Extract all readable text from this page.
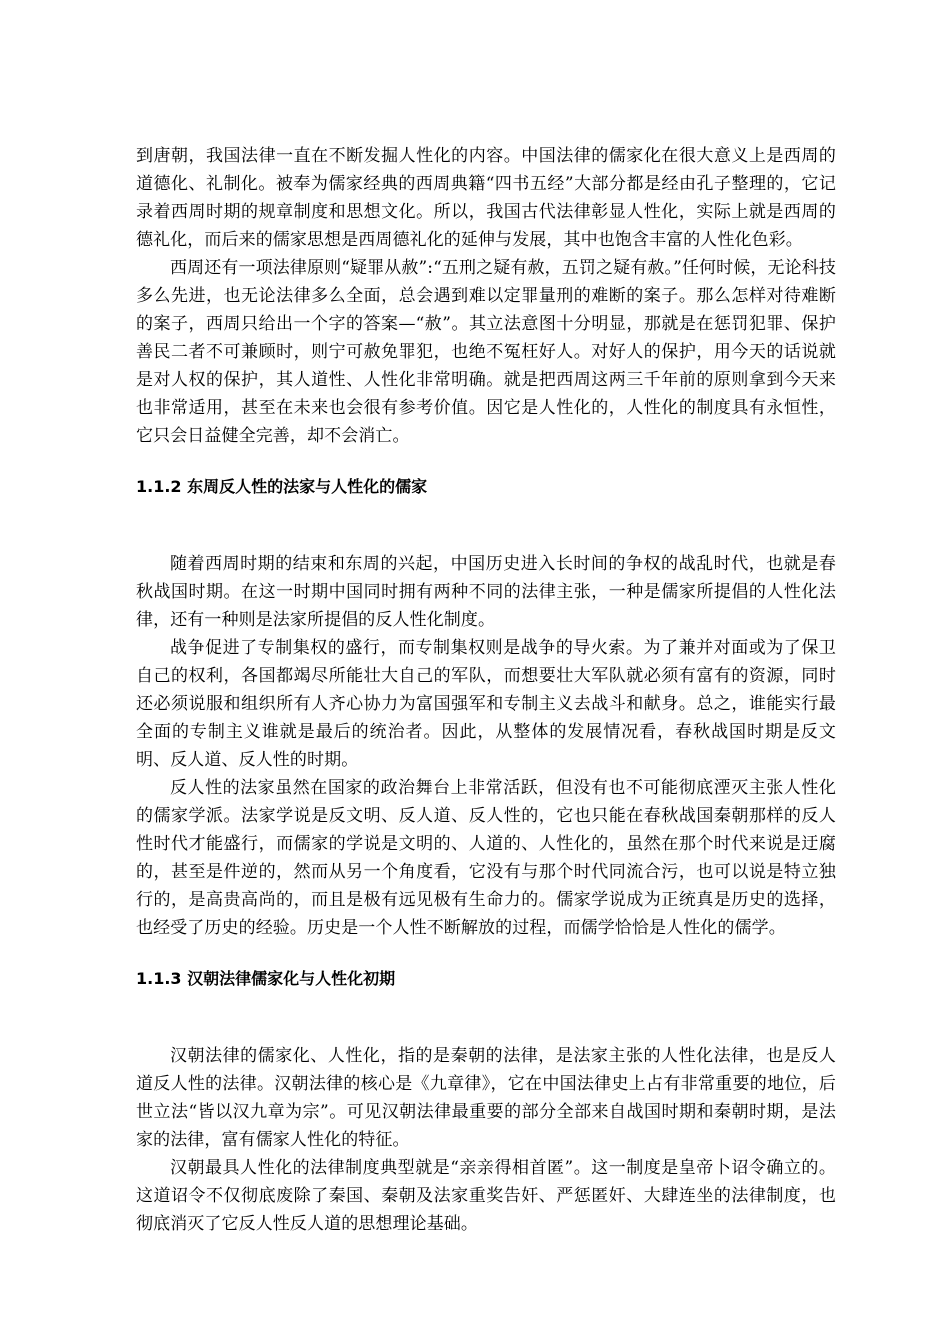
到唐朝，我国法律一直在不断发掘人性化的内容。中国法律的儒家化在很大意义上是西周的道德化、礼制化。被奉为儒家经典的西周典籍“四书五经”大部分都是经由孔子整理的，它记录着西周时期的规章制度和思想文化。所以，我国古代法律彰显人性化，实际上就是西周的德礼化，而后来的儒家思想是西周德礼化的延伸与发展，其中也饱含丰富的人性化色彩。

西周还有一项法律原则“疑罪从赦”:“五刑之疑有赦，五罚之疑有赦。”任何时候，无论科技多么先进，也无论法律多么全面，总会遇到难以定罪量刑的难断的案子。那么怎样对待难断的案子，西周只给出一个字的答案—“赦”。其立法意图十分明显，那就是在惩罚犯罪、保护善民二者不可兼顾时，则宁可赦免罪犯，也绝不冤枉好人。对好人的保护，用今天的话说就是对人权的保护，其人道性、人性化非常明确。就是把西周这两三千年前的原则拿到今天来也非常适用，甚至在未来也会很有参考价值。因它是人性化的，人性化的制度具有永恒性，它只会日益健全完善，却不会消亡。

1.1.2 东周反人性的法家与人性化的儒家

随着西周时期的结束和东周的兴起，中国历史进入长时间的争权的战乱时代，也就是春秋战国时期。在这一时期中国同时拥有两种不同的法律主张，一种是儒家所提倡的人性化法律，还有一种则是法家所提倡的反人性化制度。

战争促进了专制集权的盛行，而专制集权则是战争的导火索。为了兼并对面或为了保卫自己的权利，各国都竭尽所能壮大自己的军队，而想要壮大军队就必须有富有的资源，同时还必须说服和组织所有人齐心协力为富国强军和专制主义去战斗和献身。总之，谁能实行最全面的专制主义谁就是最后的统治者。因此，从整体的发展情况看，春秋战国时期是反文明、反人道、反人性的时期。

反人性的法家虽然在国家的政治舞台上非常活跃，但没有也不可能彻底湮灭主张人性化的儒家学派。法家学说是反文明、反人道、反人性的，它也只能在春秋战国秦朝那样的反人性时代才能盛行，而儒家的学说是文明的、人道的、人性化的，虽然在那个时代来说是迂腐的，甚至是件逆的，然而从另一个角度看，它没有与那个时代同流合污，也可以说是特立独行的，是高贵高尚的，而且是极有远见极有生命力的。儒家学说成为正统真是历史的选择，也经受了历史的经验。历史是一个人性不断解放的过程，而儒学恰恰是人性化的儒学。

1.1.3 汉朝法律儒家化与人性化初期

汉朝法律的儒家化、人性化，指的是秦朝的法律，是法家主张的人性化法律，也是反人道反人性的法律。汉朝法律的核心是《九章律》，它在中国法律史上占有非常重要的地位，后世立法“皆以汉九章为宗”。可见汉朝法律最重要的部分全部来自战国时期和秦朝时期，是法家的法律，富有儒家人性化的特征。

汉朝最具人性化的法律制度典型就是“亲亲得相首匿”。这一制度是皇帝卜诏令确立的。这道诏令不仅彻底废除了秦国、秦朝及法家重奖告奸、严惩匿奸、大肆连坐的法律制度，也彻底消灭了它反人性反人道的思想理论基础。
